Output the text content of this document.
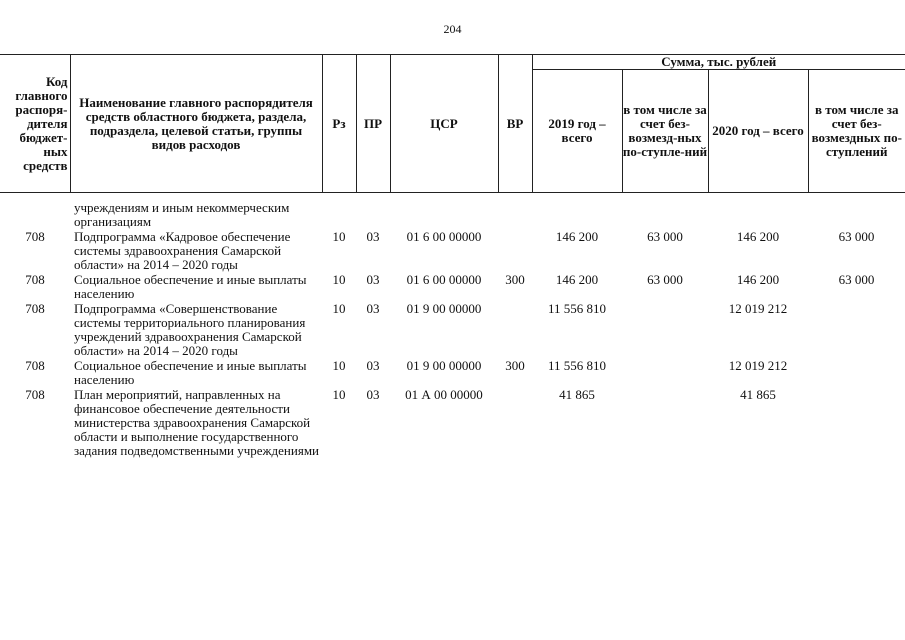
204
Код главного распоря-дителя бюджет-ных средств	Наименование главного распорядителя средств областного бюджета, раздела, подраздела, целевой статьи, группы видов расходов	Рз	ПР	ЦСР	ВР	Сумма, тыс. рублей			
						2019 год – всего	в том числе за счет без-возмезд-ных по-ступле-ний	2020 год – всего	в том числе за счет без-возмездных по-ступлений

	учреждениям и иным некоммерческим организациям								
708	Подпрограмма «Кадровое обеспечение системы здравоохранения Самарской области» на 2014 – 2020 годы	10	03	01 6 00 00000		146 200	63 000	146 200	63 000
708	Социальное обеспечение и иные выплаты населению	10	03	01 6 00 00000	300	146 200	63 000	146 200	63 000
708	Подпрограмма «Совершенствование системы территориального планирования учреждений здравоохранения Самарской области» на 2014 – 2020 годы	10	03	01 9 00 00000		11 556 810		12 019 212	
708	Социальное обеспечение и иные выплаты населению	10	03	01 9 00 00000	300	11 556 810		12 019 212	
708	План мероприятий, направленных на финансовое обеспечение деятельности министерства здравоохранения Самарской области и выполнение государственного задания подведомственными учреждениями	10	03	01 А 00 00000		41 865		41 865	
